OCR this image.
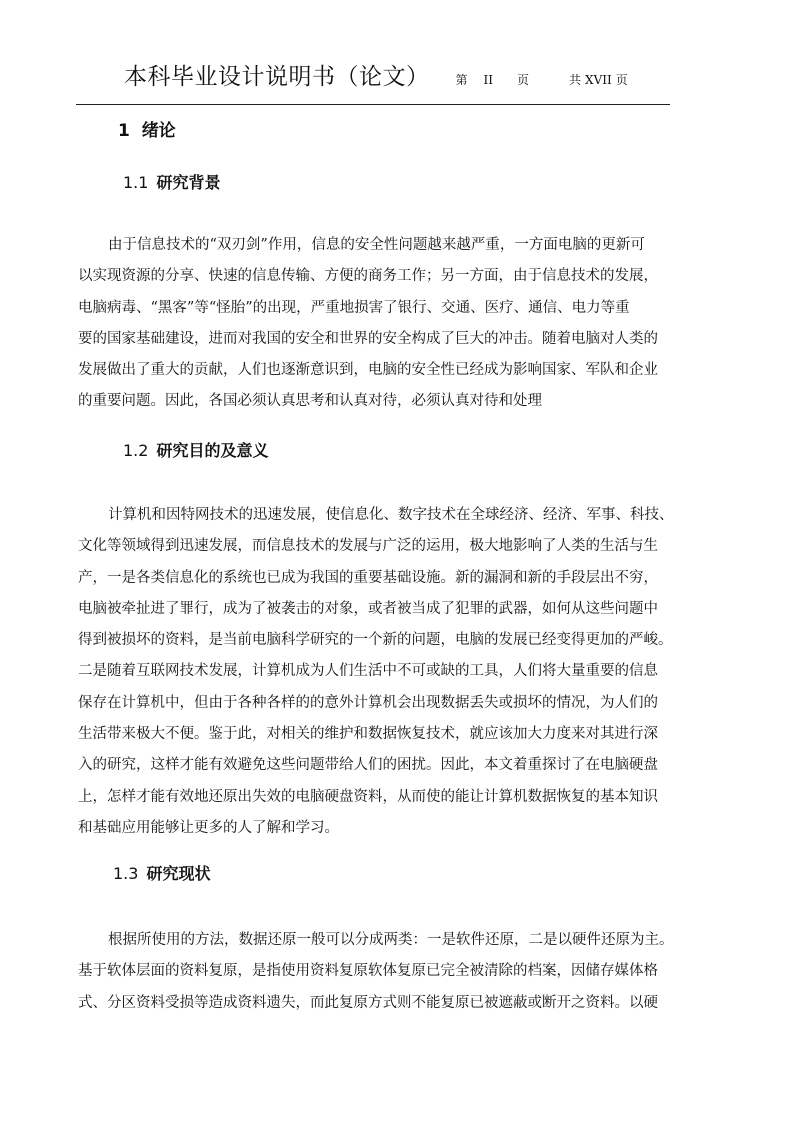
本科毕业设计说明书（论文） 第 II 页	共 XVII 页
1 绪论
1.1 研究背景
由于信息技术的“双刃剑”作用，信息的安全性问题越来越严重，一方面电脑的更新可
以实现资源的分享、快速的信息传输、方便的商务工作；另一方面，由于信息技术的发展，
电脑病毒、“黑客”等“怪胎”的出现，严重地损害了银行、交通、医疗、通信、电力等重
要的国家基础建设，进而对我国的安全和世界的安全构成了巨大的冲击。随着电脑对人类的
发展做出了重大的贡献，人们也逐渐意识到，电脑的安全性已经成为影响国家、军队和企业
的重要问题。因此，各国必须认真思考和认真对待，必须认真对待和处理
1.2 研究目的及意义
计算机和因特网技术的迅速发展，使信息化、数字技术在全球经济、经济、军事、科技、
文化等领域得到迅速发展，而信息技术的发展与广泛的运用，极大地影响了人类的生活与生
产，一是各类信息化的系统也已成为我国的重要基础设施。新的漏洞和新的手段层出不穷，
电脑被牵扯进了罪行，成为了被袭击的对象，或者被当成了犯罪的武器，如何从这些问题中
得到被损坏的资料，是当前电脑科学研究的一个新的问题，电脑的发展已经变得更加的严峻。
二是随着互联网技术发展，计算机成为人们生活中不可或缺的工具，人们将大量重要的信息
保存在计算机中，但由于各种各样的的意外计算机会出现数据丢失或损坏的情况，为人们的
生活带来极大不便。鉴于此，对相关的维护和数据恢复技术，就应该加大力度来对其进行深
入的研究，这样才能有效避免这些问题带给人们的困扰。因此，本文着重探讨了在电脑硬盘
上，怎样才能有效地还原出失效的电脑硬盘资料，从而使的能让计算机数据恢复的基本知识
和基础应用能够让更多的人了解和学习。
1.3 研究现状
根据所使用的方法，数据还原一般可以分成两类：一是软件还原，二是以硬件还原为主。
基于软体层面的资料复原，是指使用资料复原软体复原已完全被清除的档案，因储存媒体格
式、分区资料受损等造成资料遗失，而此复原方式则不能复原已被遮蔽或断开之资料。以硬
